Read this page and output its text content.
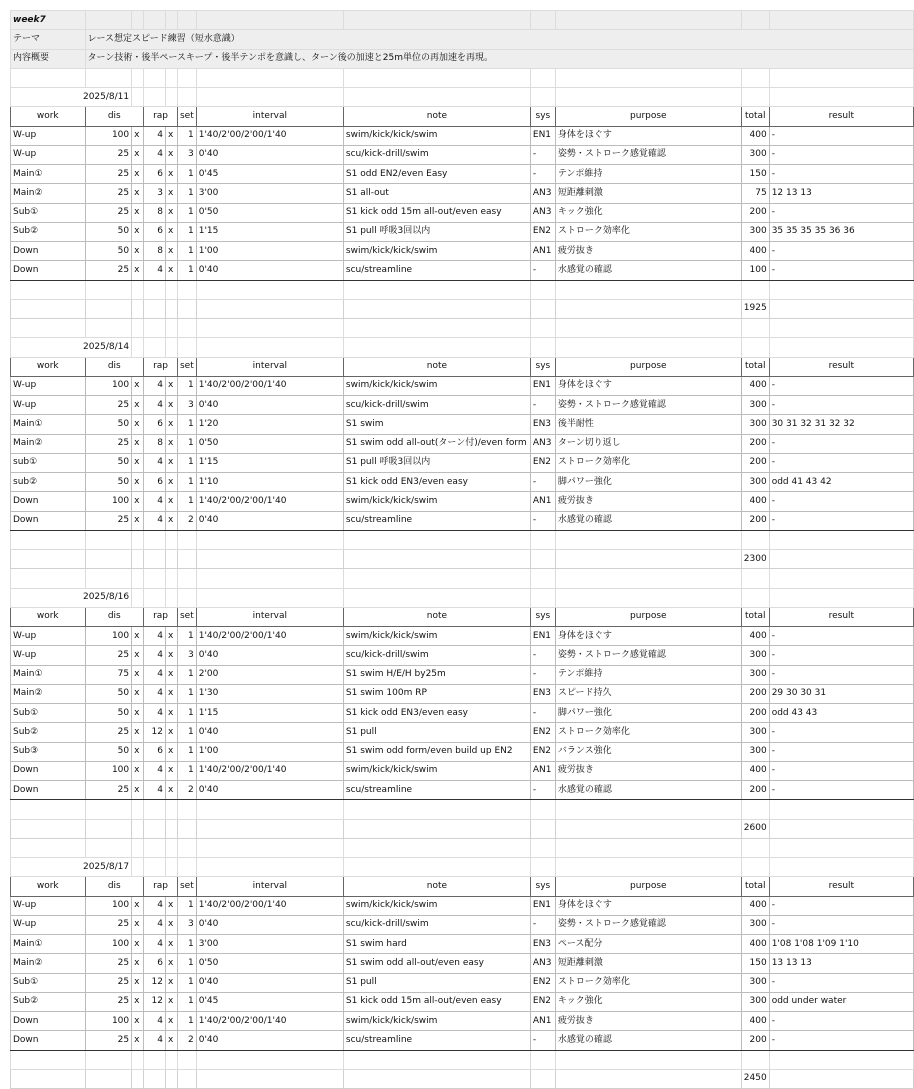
week7											
テーマ	レース想定スピード練習（短水意識）										
内容概要	ターン技術・後半ペースキープ・後半テンポを意識し、ターン後の加速と25m単位の再加速を再現。										

2025/8/11											
work	dis		rap		set	interval	note	sys	purpose	total	result
W-up	100	x	4	x	1	1'40/2'00/2'00/1'40	swim/kick/kick/swim	EN1	身体をほぐす	400	-
W-up	25	x	4	x	3	0'40	scu/kick-drill/swim	-	姿勢・ストローク感覚確認	300	-
Main①	25	x	6	x	1	0'45	S1 odd EN2/even Easy	-	テンポ維持	150	-
Main②	25	x	3	x	1	3'00	S1 all-out	AN3	短距離刺激	75	12 13 13
Sub①	25	x	8	x	1	0'50	S1 kick odd 15m all-out/even easy	AN3	キック強化	200	-
Sub②	50	x	6	x	1	1'15	S1 pull 呼吸3回以内	EN2	ストローク効率化	300	35 35 35 35 36 36
Down	50	x	8	x	1	1'00	swim/kick/kick/swim	AN1	疲労抜き	400	-
Down	25	x	4	x	1	0'40	scu/streamline	-	水感覚の確認	100	-

										1925	

2025/8/14											
work	dis		rap		set	interval	note	sys	purpose	total	result
W-up	100	x	4	x	1	1'40/2'00/2'00/1'40	swim/kick/kick/swim	EN1	身体をほぐす	400	-
W-up	25	x	4	x	3	0'40	scu/kick-drill/swim	-	姿勢・ストローク感覚確認	300	-
Main①	50	x	6	x	1	1'20	S1 swim	EN3	後半耐性	300	30 31 32 31 32 32
Main②	25	x	8	x	1	0'50	S1 swim odd all-out(ターン付)/even form	AN3	ターン切り返し	200	-
sub①	50	x	4	x	1	1'15	S1 pull 呼吸3回以内	EN2	ストローク効率化	200	-
sub②	50	x	6	x	1	1'10	S1 kick odd EN3/even easy	-	脚パワー強化	300	odd 41 43 42
Down	100	x	4	x	1	1'40/2'00/2'00/1'40	swim/kick/kick/swim	AN1	疲労抜き	400	-
Down	25	x	4	x	2	0'40	scu/streamline	-	水感覚の確認	200	-

										2300	

2025/8/16											
work	dis		rap		set	interval	note	sys	purpose	total	result
W-up	100	x	4	x	1	1'40/2'00/2'00/1'40	swim/kick/kick/swim	EN1	身体をほぐす	400	-
W-up	25	x	4	x	3	0'40	scu/kick-drill/swim	-	姿勢・ストローク感覚確認	300	-
Main①	75	x	4	x	1	2'00	S1 swim H/E/H by25m	-	テンポ維持	300	-
Main②	50	x	4	x	1	1'30	S1 swim 100m RP	EN3	スピード持久	200	29 30 30 31
Sub①	50	x	4	x	1	1'15	S1 kick odd EN3/even easy	-	脚パワー強化	200	odd 43 43
Sub②	25	x	12	x	1	0'40	S1 pull	EN2	ストローク効率化	300	-
Sub③	50	x	6	x	1	1'00	S1 swim odd form/even build up EN2	EN2	バランス強化	300	-
Down	100	x	4	x	1	1'40/2'00/2'00/1'40	swim/kick/kick/swim	AN1	疲労抜き	400	-
Down	25	x	4	x	2	0'40	scu/streamline	-	水感覚の確認	200	-

										2600	

2025/8/17											
work	dis		rap		set	interval	note	sys	purpose	total	result
W-up	100	x	4	x	1	1'40/2'00/2'00/1'40	swim/kick/kick/swim	EN1	身体をほぐす	400	-
W-up	25	x	4	x	3	0'40	scu/kick-drill/swim	-	姿勢・ストローク感覚確認	300	-
Main①	100	x	4	x	1	3'00	S1 swim hard	EN3	ペース配分	400	1'08 1'08 1'09 1'10
Main②	25	x	6	x	1	0'50	S1 swim odd all-out/even easy	AN3	短距離刺激	150	13 13 13
Sub①	25	x	12	x	1	0'40	S1 pull	EN2	ストローク効率化	300	-
Sub②	25	x	12	x	1	0'45	S1 kick odd 15m all-out/even easy	EN2	キック強化	300	odd under water
Down	100	x	4	x	1	1'40/2'00/2'00/1'40	swim/kick/kick/swim	AN1	疲労抜き	400	-
Down	25	x	4	x	2	0'40	scu/streamline	-	水感覚の確認	200	-

										2450	
